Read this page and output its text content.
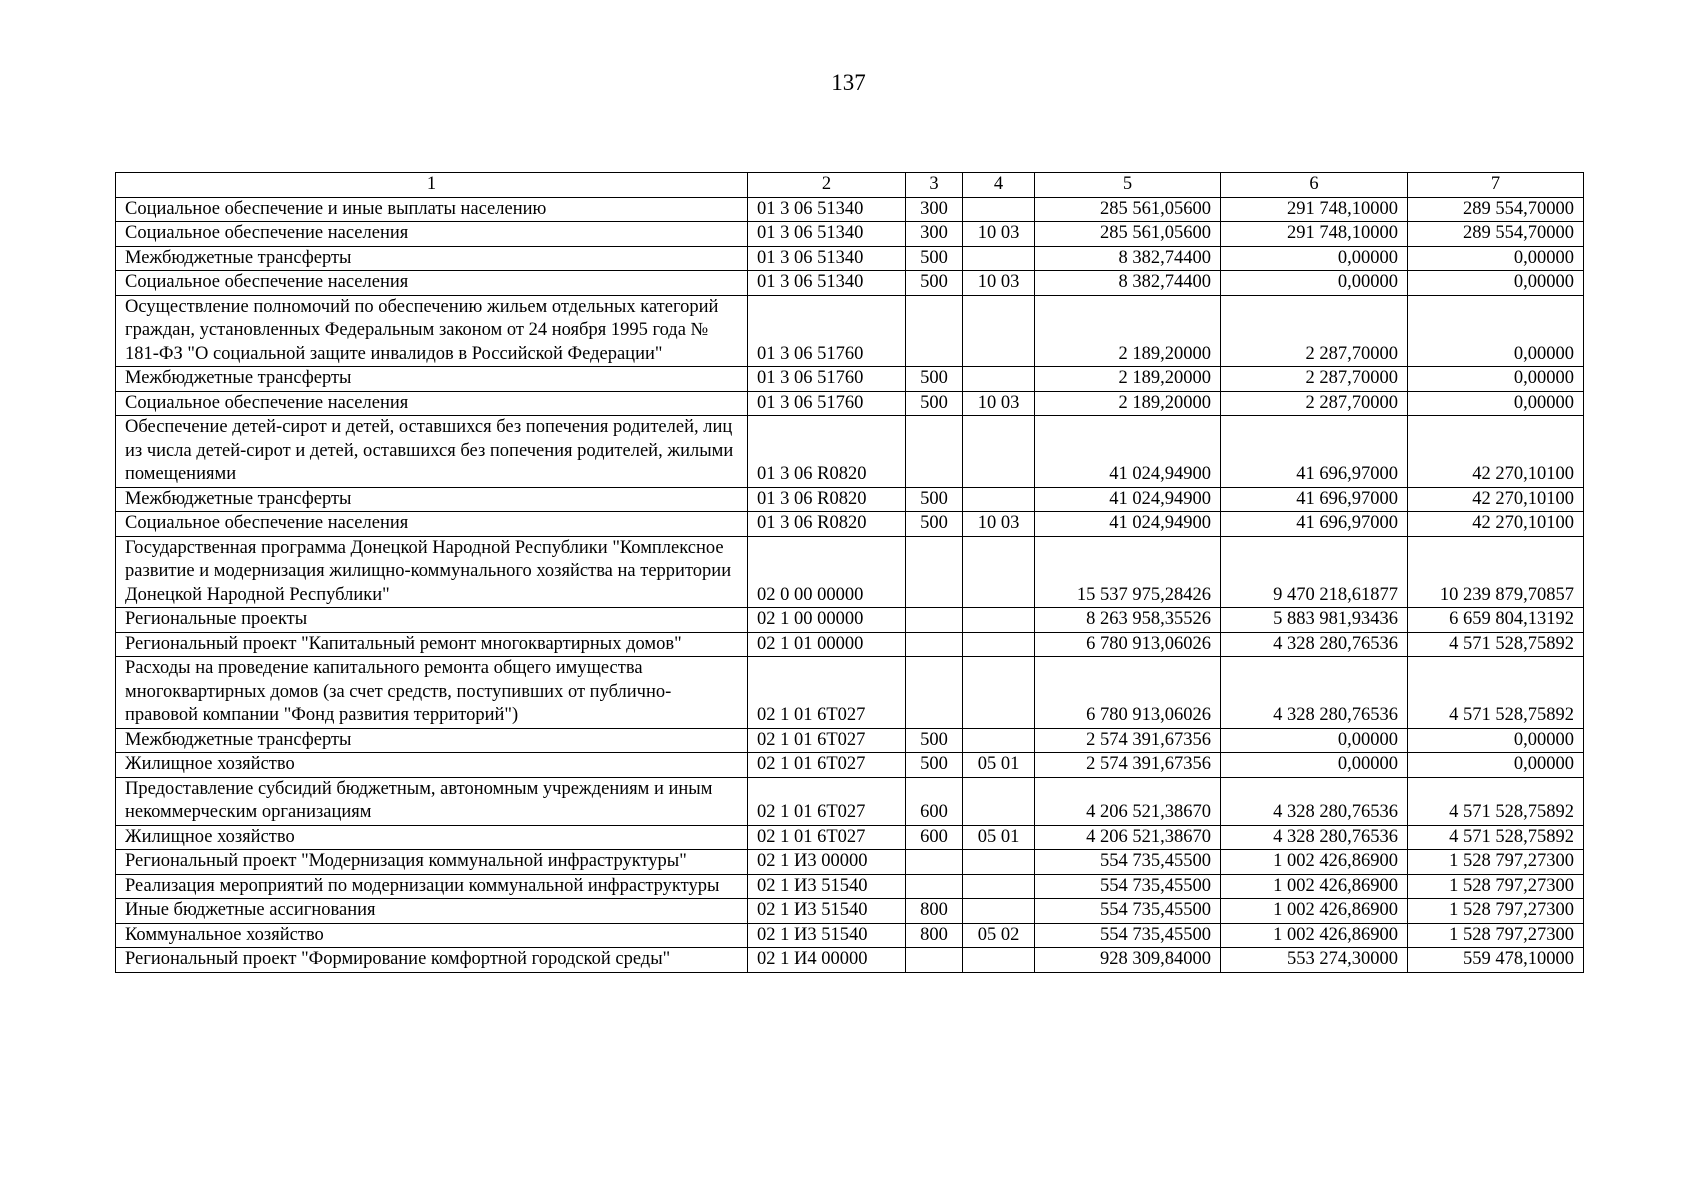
137
1	2	3	4	5	6	7
Социальное обеспечение и иные выплаты населению	01 3 06 51340	300		285 561,05600	291 748,10000	289 554,70000
Социальное обеспечение населения	01 3 06 51340	300	10 03	285 561,05600	291 748,10000	289 554,70000
Межбюджетные трансферты	01 3 06 51340	500		8 382,74400	0,00000	0,00000
Социальное обеспечение населения	01 3 06 51340	500	10 03	8 382,74400	0,00000	0,00000
Осуществление полномочий по обеспечению жильем отдельных категорий граждан, установленных Федеральным законом от 24 ноября 1995 года № 181-ФЗ "О социальной защите инвалидов в Российской Федерации"	01 3 06 51760			2 189,20000	2 287,70000	0,00000
Межбюджетные трансферты	01 3 06 51760	500		2 189,20000	2 287,70000	0,00000
Социальное обеспечение населения	01 3 06 51760	500	10 03	2 189,20000	2 287,70000	0,00000
Обеспечение детей-сирот и детей, оставшихся без попечения родителей, лиц из числа детей-сирот и детей, оставшихся без попечения родителей, жилыми помещениями	01 3 06 R0820			41 024,94900	41 696,97000	42 270,10100
Межбюджетные трансферты	01 3 06 R0820	500		41 024,94900	41 696,97000	42 270,10100
Социальное обеспечение населения	01 3 06 R0820	500	10 03	41 024,94900	41 696,97000	42 270,10100
Государственная программа Донецкой Народной Республики "Комплексное развитие и модернизация жилищно-коммунального хозяйства на территории Донецкой Народной Республики"	02 0 00 00000			15 537 975,28426	9 470 218,61877	10 239 879,70857
Региональные проекты	02 1 00 00000			8 263 958,35526	5 883 981,93436	6 659 804,13192
Региональный проект "Капитальный ремонт многоквартирных домов"	02 1 01 00000			6 780 913,06026	4 328 280,76536	4 571 528,75892
Расходы на проведение капитального ремонта общего имущества многоквартирных домов (за счет средств, поступивших от публично-правовой компании "Фонд развития территорий")	02 1 01 6Т027			6 780 913,06026	4 328 280,76536	4 571 528,75892
Межбюджетные трансферты	02 1 01 6Т027	500		2 574 391,67356	0,00000	0,00000
Жилищное хозяйство	02 1 01 6Т027	500	05 01	2 574 391,67356	0,00000	0,00000
Предоставление субсидий бюджетным, автономным учреждениям и иным некоммерческим организациям	02 1 01 6Т027	600		4 206 521,38670	4 328 280,76536	4 571 528,75892
Жилищное хозяйство	02 1 01 6Т027	600	05 01	4 206 521,38670	4 328 280,76536	4 571 528,75892
Региональный проект "Модернизация коммунальной инфраструктуры"	02 1 И3 00000			554 735,45500	1 002 426,86900	1 528 797,27300
Реализация мероприятий по модернизации коммунальной инфраструктуры	02 1 И3 51540			554 735,45500	1 002 426,86900	1 528 797,27300
Иные бюджетные ассигнования	02 1 И3 51540	800		554 735,45500	1 002 426,86900	1 528 797,27300
Коммунальное хозяйство	02 1 И3 51540	800	05 02	554 735,45500	1 002 426,86900	1 528 797,27300
Региональный проект "Формирование комфортной городской среды"	02 1 И4 00000			928 309,84000	553 274,30000	559 478,10000
